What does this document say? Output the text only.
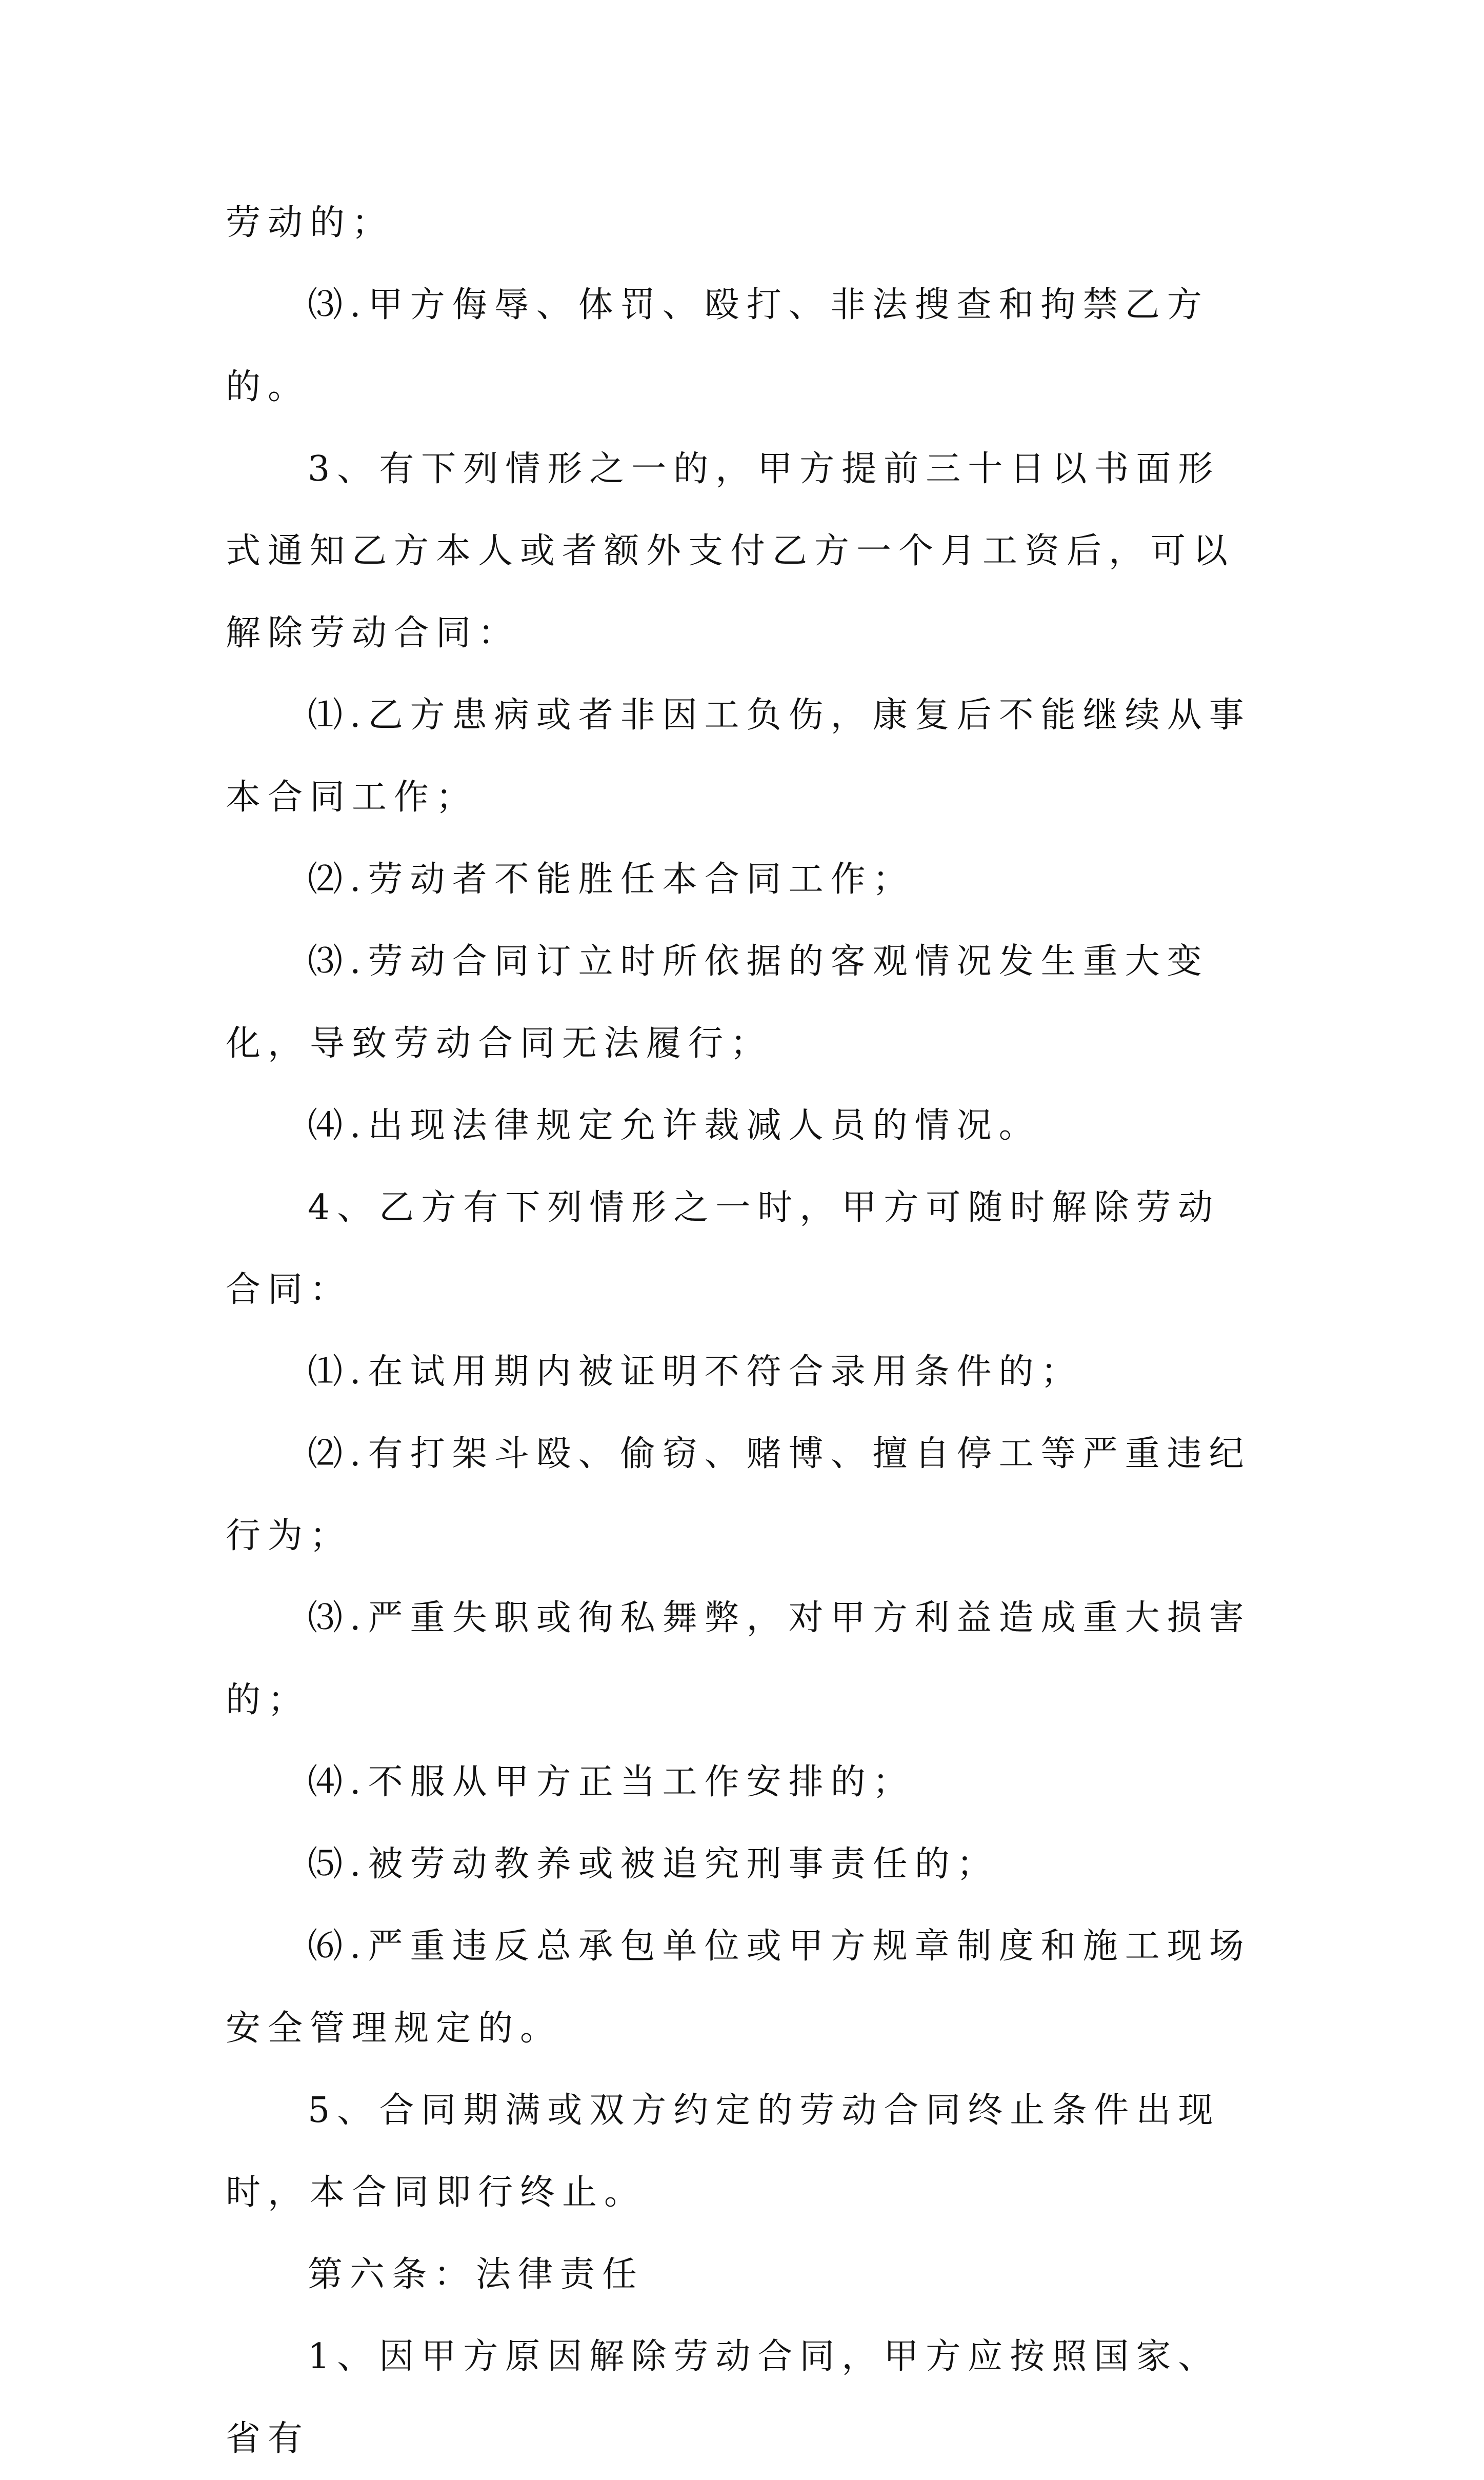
劳动的；

⑶.甲方侮辱、体罚、殴打、非法搜查和拘禁乙方的。

3、有下列情形之一的，甲方提前三十日以书面形式通知乙方本人或者额外支付乙方一个月工资后，可以解除劳动合同：

⑴.乙方患病或者非因工负伤，康复后不能继续从事本合同工作；

⑵.劳动者不能胜任本合同工作；

⑶.劳动合同订立时所依据的客观情况发生重大变化，导致劳动合同无法履行；

⑷.出现法律规定允许裁减人员的情况。

4、乙方有下列情形之一时，甲方可随时解除劳动合同：

⑴.在试用期内被证明不符合录用条件的；

⑵.有打架斗殴、偷窃、赌博、擅自停工等严重违纪行为；

⑶.严重失职或徇私舞弊，对甲方利益造成重大损害的；

⑷.不服从甲方正当工作安排的；

⑸.被劳动教养或被追究刑事责任的；

⑹.严重违反总承包单位或甲方规章制度和施工现场安全管理规定的。

5、合同期满或双方约定的劳动合同终止条件出现时，本合同即行终止。

第六条：法律责任

1、因甲方原因解除劳动合同，甲方应按照国家、省有
